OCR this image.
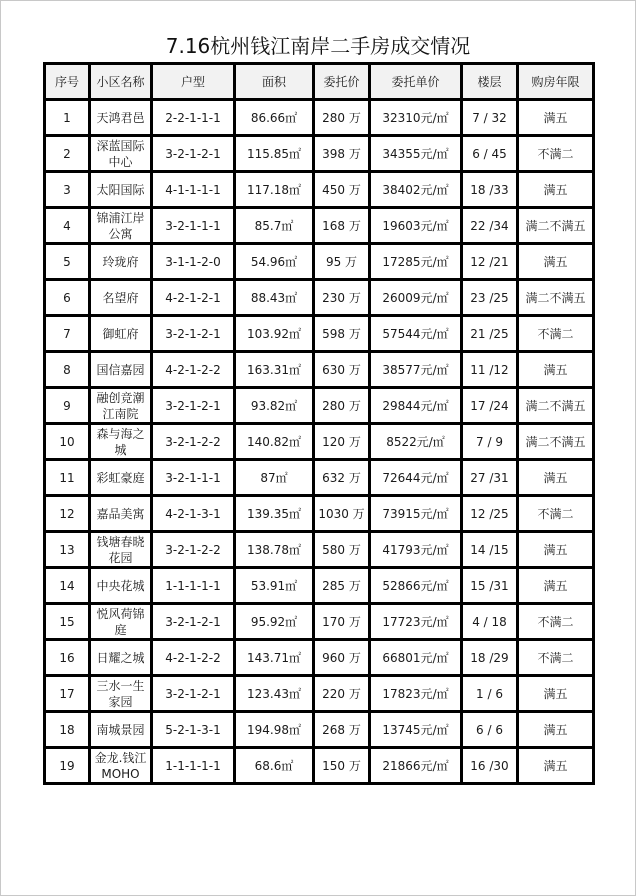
7.16杭州钱江南岸二手房成交情况
序号	小区名称	户型	面积	委托价	委托单价	楼层	购房年限
1	天鸿君邑	2-2-1-1-1	86.66㎡	280 万	32310元/㎡	7 / 32	满五
2	深蓝国际中心	3-2-1-2-1	115.85㎡	398 万	34355元/㎡	6 / 45	不满二
3	太阳国际	4-1-1-1-1	117.18㎡	450 万	38402元/㎡	18 /33	满五
4	锦浦江岸公寓	3-2-1-1-1	85.7㎡	168 万	19603元/㎡	22 /34	满二不满五
5	玲珑府	3-1-1-2-0	54.96㎡	95 万	17285元/㎡	12 /21	满五
6	名望府	4-2-1-2-1	88.43㎡	230 万	26009元/㎡	23 /25	满二不满五
7	御虹府	3-2-1-2-1	103.92㎡	598 万	57544元/㎡	21 /25	不满二
8	国信嘉园	4-2-1-2-2	163.31㎡	630 万	38577元/㎡	11 /12	满五
9	融创竞潮江南院	3-2-1-2-1	93.82㎡	280 万	29844元/㎡	17 /24	满二不满五
10	森与海之城	3-2-1-2-2	140.82㎡	120 万	8522元/㎡	7 / 9	满二不满五
11	彩虹豪庭	3-2-1-1-1	87㎡	632 万	72644元/㎡	27 /31	满五
12	嘉品美寓	4-2-1-3-1	139.35㎡	1030 万	73915元/㎡	12 /25	不满二
13	钱塘春晓花园	3-2-1-2-2	138.78㎡	580 万	41793元/㎡	14 /15	满五
14	中央花城	1-1-1-1-1	53.91㎡	285 万	52866元/㎡	15 /31	满五
15	悦风荷锦庭	3-2-1-2-1	95.92㎡	170 万	17723元/㎡	4 / 18	不满二
16	日耀之城	4-2-1-2-2	143.71㎡	960 万	66801元/㎡	18 /29	不满二
17	三水一生家园	3-2-1-2-1	123.43㎡	220 万	17823元/㎡	1 / 6	满五
18	南城景园	5-2-1-3-1	194.98㎡	268 万	13745元/㎡	6 / 6	满五
19	金龙.钱江MOHO	1-1-1-1-1	68.6㎡	150 万	21866元/㎡	16 /30	满五
